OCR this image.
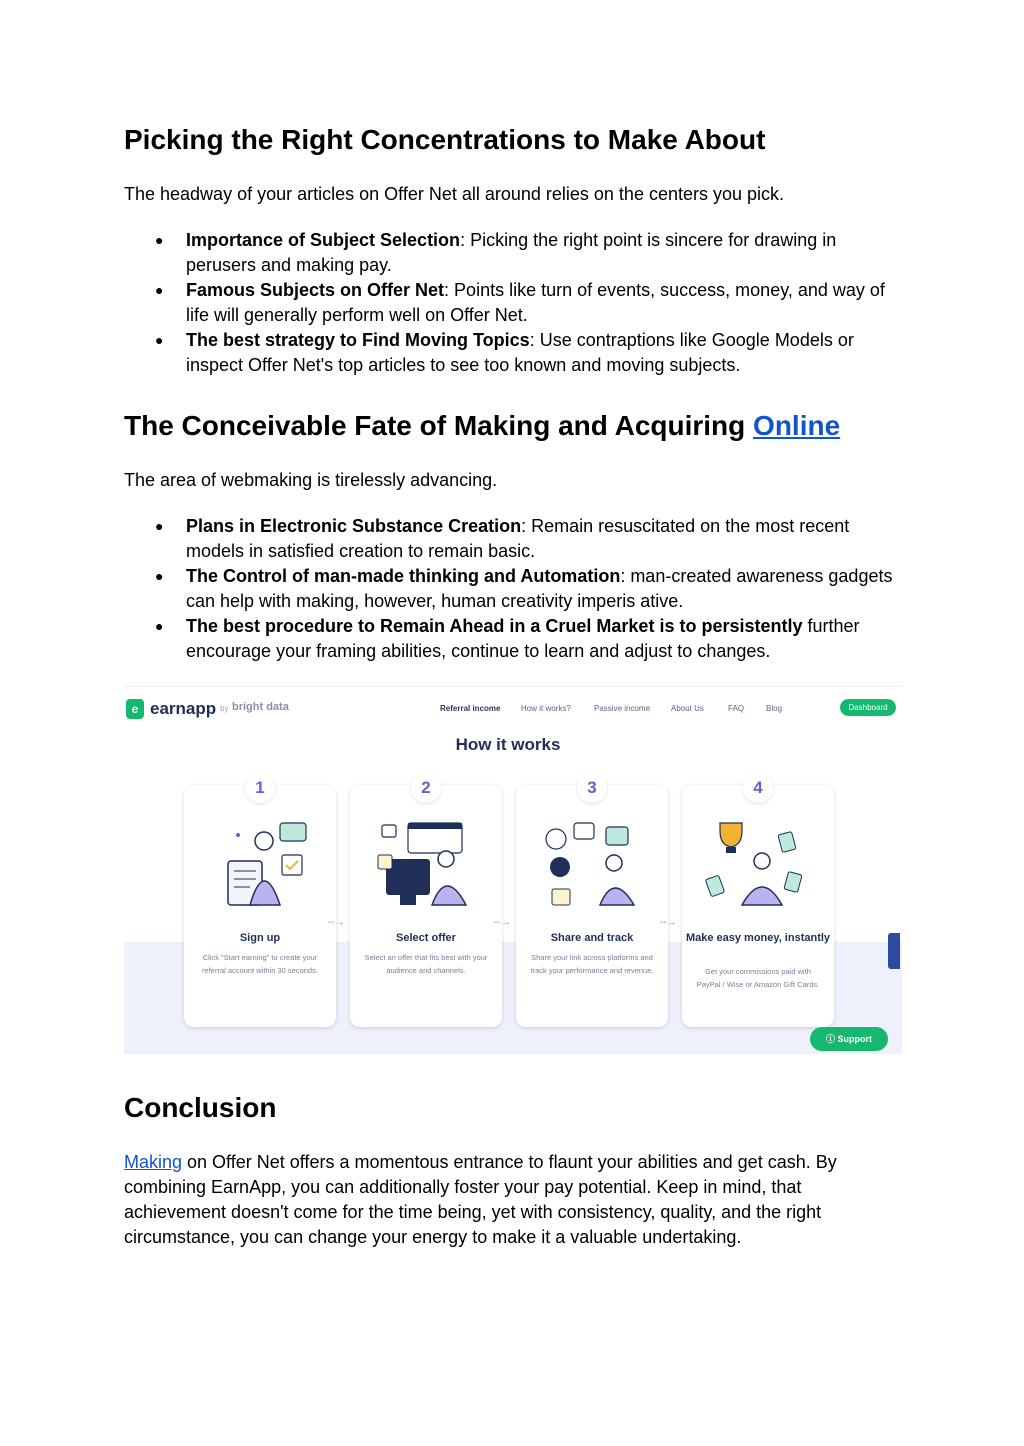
Picking the Right Concentrations to Make About

The headway of your articles on Offer Net all around relies on the centers you pick.

● Importance of Subject Selection: Picking the right point is sincere for drawing in perusers and making pay.
● Famous Subjects on Offer Net: Points like turn of events, success, money, and way of life will generally perform well on Offer Net.
● The best strategy to Find Moving Topics: Use contraptions like Google Models or inspect Offer Net's top articles to see too known and moving subjects.
The Conceivable Fate of Making and Acquiring Online

The area of webmaking is tirelessly advancing.

● Plans in Electronic Substance Creation: Remain resuscitated on the most recent models in satisfied creation to remain basic.
● The Control of man-made thinking and Automation: man-created awareness gadgets can help with making, however, human creativity imperis ative.
● The best procedure to Remain Ahead in a Cruel Market is to persistently further encourage your framing abilities, continue to learn and adjust to changes.
Conclusion

Making on Offer Net offers a momentous entrance to flaunt your abilities and get cash. By combining EarnApp, you can additionally foster your pay potential. Keep in mind, that achievement doesn't come for the time being, yet with consistency, quality, and the right circumstance, you can change your energy to make it a valuable undertaking.

e earnapp by bright data	Referral income	How it works?	Passive income	About Us	FAQ	Blog	Dashboard
How it works
Sign up
Click "Start earning" to create your referral account within 30 seconds.
1
Select offer
Select an offer that fits best with your audience and channels.
2
Share and track
Share your link across platforms and track your performance and revenue.
3
Make easy money, instantly
Get your commissions paid with PayPal / Wise or Amazon Gift Cards.
4
--→	--→	--→
ⓘ Support
